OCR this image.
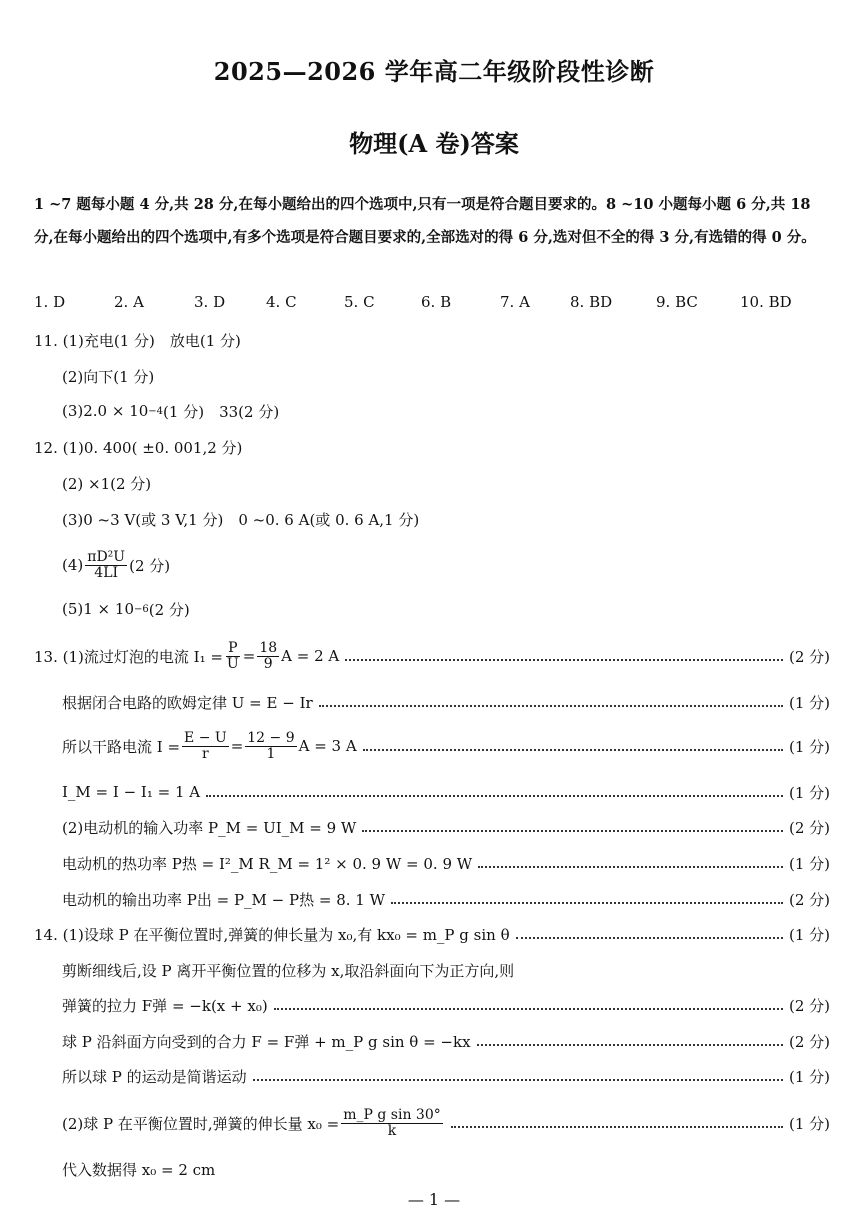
2025—2026 学年高二年级阶段性诊断
物理(A 卷)答案
1 ~7 题每小题 4 分,共 28 分,在每小题给出的四个选项中,只有一项是符合题目要求的。8 ~10 小题每小题 6 分,共 18 分,在每小题给出的四个选项中,有多个选项是符合题目要求的,全部选对的得 6 分,选对但不全的得 3 分,有选错的得 0 分。
1. D	2. A	3. D	4. C	5. C	6. B	7. A	8. BD	9. BC	10. BD
11. (1)充电(1 分)　放电(1 分)
(2)向下(1 分)
(3)2.0 × 10 −4 (1 分)　33(2 分)
12. (1)0. 400( ±0. 001,2 分)
(2) ×1(2 分)
(3)0 ~3 V(或 3 V,1 分)　0 ~0. 6 A(或 0. 6 A,1 分)
$(4) \frac{\text{πD²U}}{4LI} (2$ 分)
(5)1 × 10 −6 (2 分)
13. (1)流过灯泡的电流 $I_1 = \frac{P}{U} = \frac{18}{9}$ A = 2 A	(2 分)
根据闭合电路的欧姆定律 U = E − Ir	(1 分)
所以干路电流 $I = \frac{E - U}{r} = \frac{12 - 9}{1}$ A = 3 A	(1 分)
I_M = I − I₁ = 1 A	(1 分)
(2)电动机的输入功率 P_M = UI_M = 9 W	(2 分)
电动机的热功率 P热 = I²_M R_M = 1² × 0. 9 W = 0. 9 W	(1 分)
电动机的输出功率 P出 = P_M − P热 = 8. 1 W	(2 分)
14. (1)设球 P 在平衡位置时,弹簧的伸长量为 x₀,有 kx₀ = m_P g sin θ	(1 分)
剪断细线后,设 P 离开平衡位置的位移为 x,取沿斜面向下为正方向,则
弹簧的拉力 F弹 = −k(x + x₀)	(2 分)
球 P 沿斜面方向受到的合力 F = F弹 + m_P g sin θ = −kx	(2 分)
所以球 P 的运动是简谐运动	(1 分)
(2)球 P 在平衡位置时,弹簧的伸长量 $x_0 = \frac{\text{m\_P g sin 30°}}{k}$	(1 分)
代入数据得 x₀ = 2 cm
— 1 —
